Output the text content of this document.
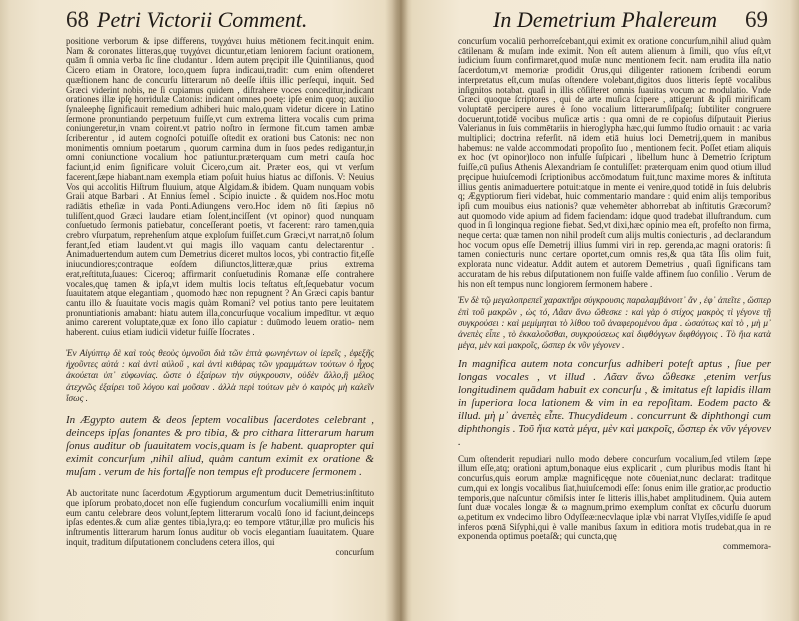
68 Petri Victorii Comment.

positione verborum & ipse differens, τυγχάνει huius mētionem fecit.inquit enim. Nam & coronates litteras,quę τυγχάνει dicuntur,etiam leniorem faciunt orationem, quām ſi omnia verba ſic ſine cludantur . Idem autem pręcipit ille Quintilianus, quod Cicero etiam in Oratore, loco,quem ſupra indicaui,tradit: cum enim oſtenderet quæſtionem hanc de concurſu litterarum nō deeſſe iſtiis illic perſequi, inquit. Sed Græci viderint nobis, ne ſi cupiamus quidem , diſtrahere voces conceditur,indicant orationes illæ ipſę horridulæ Catonis: indicant omnes poetę: ipſe enim quoq; auxilio ſynaleephę ſignificauit remedium adhiberi huic malo,quam videtur dicere in Latino ſermone pronuntiando perpetuum fuiſſe,vt cum extrema littera vocalis cum prima coniungeretur,in vnam coirent.vt patrio noſtro in ſermone fit.cum tamen ambæ ſcriberentur , id autem cognoſci potuiſſe oſtedit ex orationi bus Catonis: nec non monimentis omnium poetarum , quorum carmina dum in ſuos pedes redigantur,in omni coniunctione vocalium hoc patiuntur.præterquam cum metri cauſa hoc faciunt,id enim ſignificare voluit Cicero,cum ait. Præter eos, qui vt verſum facerent,ſæpe hiabant.nam exempla etiam poſuit huius hiatus ac diſſonis. V: Neuius Vos qui accolitis Hiſtrum fluuium, atque Algidam.& ibidem. Quam nunquam vobis Graii atque Barbari . At Ennius ſemel . Scipio inuicte . & quidem nos.Hoc motu radiātis etheſiæ in vada Ponti.Adiungens vero.Hoc idem nō ſiti ſæpius nō tuliſſent,quod Græci laudare etiam ſolent,inciſſent (vt opinor) quod nunquam conſuetudo ſermonis patiebatur, conceſſerant poetis, vt facerent: raro tamen,quia crebro vſurpatum, reprehenſum atque exploſum fuiſſet.cum Græci,vt narrat,nō ſolum ferant,ſed etiam laudent.vt qui magis illo vaquam cantu delectarentur . Animaduertendum autem cum Demetrius diceret multos locos, ybi contractio fit,eſſe iniucundiores;contraque eoſdem diſiunctos,litteræ,quæ prius extrema erat,reſtituta,ſuaues: Ciceroq; affirmarit conſuetudinis Romanæ eſſe contrahere vocales,quę tamen & ipſa,vt idem multis locis teſtatus eſt,ſequebatur vocum ſuauitatem atque elegantiam , quomodo hæc non repugnent ? An Græci capis bantur cantu illo & ſuauitate vocis magis quàm Romani? vel potius tanto pere leuitatem pronuntiationis amabant: hiatu autem illa,concurſuque vocalium impedītur. vt æquo animo carerent voluptate,quæ ex ſono illo capiatur : duūmodo leuem oratio- nem haberent. cuius etiam iudicii videtur fuiſſe Iſocrates .

Ἐν Αἰγύπτῳ δὲ καὶ τοὺς θεοὺς ὑμνοῦσι διὰ τῶν ἑπτὰ φωνηέντων οἱ ἱερεῖς , ἐφεξῆς ἠχοῦντες αὐτά : καὶ ἀντὶ αὐλοῦ , καὶ ἀντὶ κιθάρας τῶν γραμμάτων τούτων ὁ ἦχος ἀκούεται ὑπ᾽ εὐφωνίας. ὥστε ὁ ἐξαίρων τὴν σύγκρουσιν, οὐδὲν ἄλλο,ἢ μέλος ἀτεχνῶς ἐξαίρει τοῦ λόγου καὶ μοῦσαν . ἀλλὰ περὶ τούτων μὲν ὁ καιρὸς μὴ καλεῖν ἴσως .

In Ægypto autem & deos ſeptem vocalibus ſacerdotes celebrant , deinceps ipſas ſonantes & pro tibia, & pro cithara litterarum harum ſonus auditur ob ſuauitatem vocis,quam is ſe habent. quapropter qui eximit concurſum ,nihil aliud, quàm cantum eximit ex oratione & muſam . verum de his fortaſſe non tempus eſt producere ſermonem .

Ab auctoritate nunc ſacerdotum Ægyptiorum argumentum ducit Demetrius:inſtituto que ipſorum probato,docet non eſſe fugiendum concurſum vocaliumilli enim inquit eum cantu celebrare deos volunt,ſeptem litterarum vocalū ſono id faciunt,deinceps ipſas edentes.& cum aliæ gentes tibia,lyra,q: eo tempore vtātur,illæ pro muſicis his inſtrumentis litterarum harum ſonus auditur ob vocis elegantiam ſuauitatem. Quare inquit, traditum diſputationem concludens cetera illos, qui

concurſum

In Demetrium Phalereum 69

concurſum vocaliū perhorreſcebant,qui eximit ex oratione concurſum,nihil aliud quàm cātilenam & muſam inde eximit. Non eſt autem alienum à ſimili, quo vſus eſt,vt iudicium ſuum confirmaret,quod muſæ nunc mentionem fecit. nam erudita illa natio ſacerdotum,vt memoriæ prodidit Orus,qui diligenter rationem ſcribendi eorum interpretatus eſt,cum muſas oſtendere volebant,digitos duos litteris ſeptē vocalibus inſignitos notabat. quaſi in illis cōſiſteret omnis ſuauitas vocum ac modulatio. Vnde Græci quoque ſcriptores , qui de arte muſica ſcipere , attigerunt & ipſi mirificam voluptatē percipere aures è ſono vocalium litterarumſiſpaſq; ſubtiliter congruere docuerunt,totidē vocibus muſicæ artis : qua omni de re copioſus diſputauit Pierius Valerianus in ſuis commētariis in hieroglypha hæc,qui ſummo ſtudio ornauit : ac varia multiplici; doctrina referſit. nā idem etiā huius loci Demetrij,quem in manibus habemus: ne valde accommodati propoſito ſuo , mentionem fecit. Poſſet etiam aliquis ex hoc (vt opinor)loco non infulſe ſuſpicari , libellum hunc à Demetrio ſcriptum fuiſſe,cū puſius Athenis Alexandriam ſe contuliſſet: præterquam enim quod otium illud pręcipue huiuſcemodi ſcriptionibus accōmodatum fuit,tunc maxime mores & inſtituta illius gentis animaduertere potuit:atque in mente ei venire,quod totidē in ſuis delubris q; Ægyptiorum fieri videbat, huic commentario mandare : quid enim alijs temporibus ipſi cum mouibus eius nationis? quæ vehemèter abhorrebat ab inſtitutis Græcorum? aut quomodo vide apium ad fidem faciendam: idque quod tradebat illuſtrandum. cum quod in ſi longinqua regione fiebat. Sed,vt dixi,hæc opinio mea eſt, profeſto non firma, neque certa: quæ tamen non nihil prodeſt cum alijs multis coniecturis , ad declarandum hoc vocum opus eſſe Demetrij illius ſummi viri in rep. gerenda,ac magni oratoris: ſi tamen coniecturis nunc certare oportet,cum omnis res,& qua tāta Iſis olim fuit, explorata nunc videatur. Addit autem et autorem Demetrius , quaſi ſignificans tam accuratam de his rebus diſputationem non fuiſſe valde affinem ſuo conſilio . Verum de his non eſt tempus nunc longiorem ſermonem habere .

Ἐν δὲ τῷ μεγαλοπρεπεῖ χαρακτῆρι σύγκρουσις παραλαμβάνοιτ᾽ ἄν , ἐφ᾽ ἀπεῖτε , ὥσπερ ἐπὶ τοῦ μακρῶν , ὡς τό, Λᾶαν ἄνω ὤθεσκε : καὶ γὰρ ὁ στίχος μακρὸς τὶ γέγονε τῇ συγκρούσει : καὶ μεμίμηται τὸ λίθου τοῦ ἀναφερομένου ἅμα . ὡσαύτως καὶ τὸ , μὴ μ᾽ ἀνεπὲς εἶπε , τὸ ἐκκαλοῦσθαι, συγκρούσεως καὶ διφθόγγων διφθόγγοις . Τὸ ἤια κατὰ μέγα, μὲν καὶ μακροῖς, ὥσπερ ἐκ νῦν γέγονεν .

In magnifica autem nota concurſus adhiberi poteſt aptus , ſiue per longas vocales , vt illud . Λᾶαν ἄνω ὤθεσκε ,etenim verſus longitudinem quādam habuit ex concurſu , & imitatus eſt lapidis illam in ſuperiora loca lationem & vim in ea repoſitam. Eodem pacto & illud. μὴ μ᾽ ἀνεπὲς εἶπε. Thucydideum . concurrunt & diphthongi cum diphthongis . Τοῦ ἤια κατὰ μέγα, μὲν καὶ μακροῖς, ὥσπερ ἐκ νῦν γέγονεν .

Cum oſtenderit repudiari nullo modo debere concurſum vocalium,ſed vtilem ſæpe illum eſſe,atq; orationi aptum,bonaque eius explicarit , cum pluribus modis ſtant hi concurſus,quis eorum amplæ magnificęque note cōueniat,nunc declarat: traditque cum,qui ex longis vocalibus ſiat,huiuſcemodi eſſe: ſonus enim ille gratior,ac productio temporis,que naſcuntur cōmiſsis inter ſe litteris illis,habet amplitudinem. Quia autem ſunt duæ vocales longæ & ω magnum,primo exemplum conſtat ex cōcurſu duorum ω,petitum ex vndecimo libro Odyſſeæ:necvlaque iplæ vbi narrat Vlyſſes,vidiſſe ſe apud inferos pœnā Siſyphi,qui è valle manibus ſaxum in editiora motis trudebat,qua in re exponenda optimus poetaſ&; qui cuncta,quę

commemora-
